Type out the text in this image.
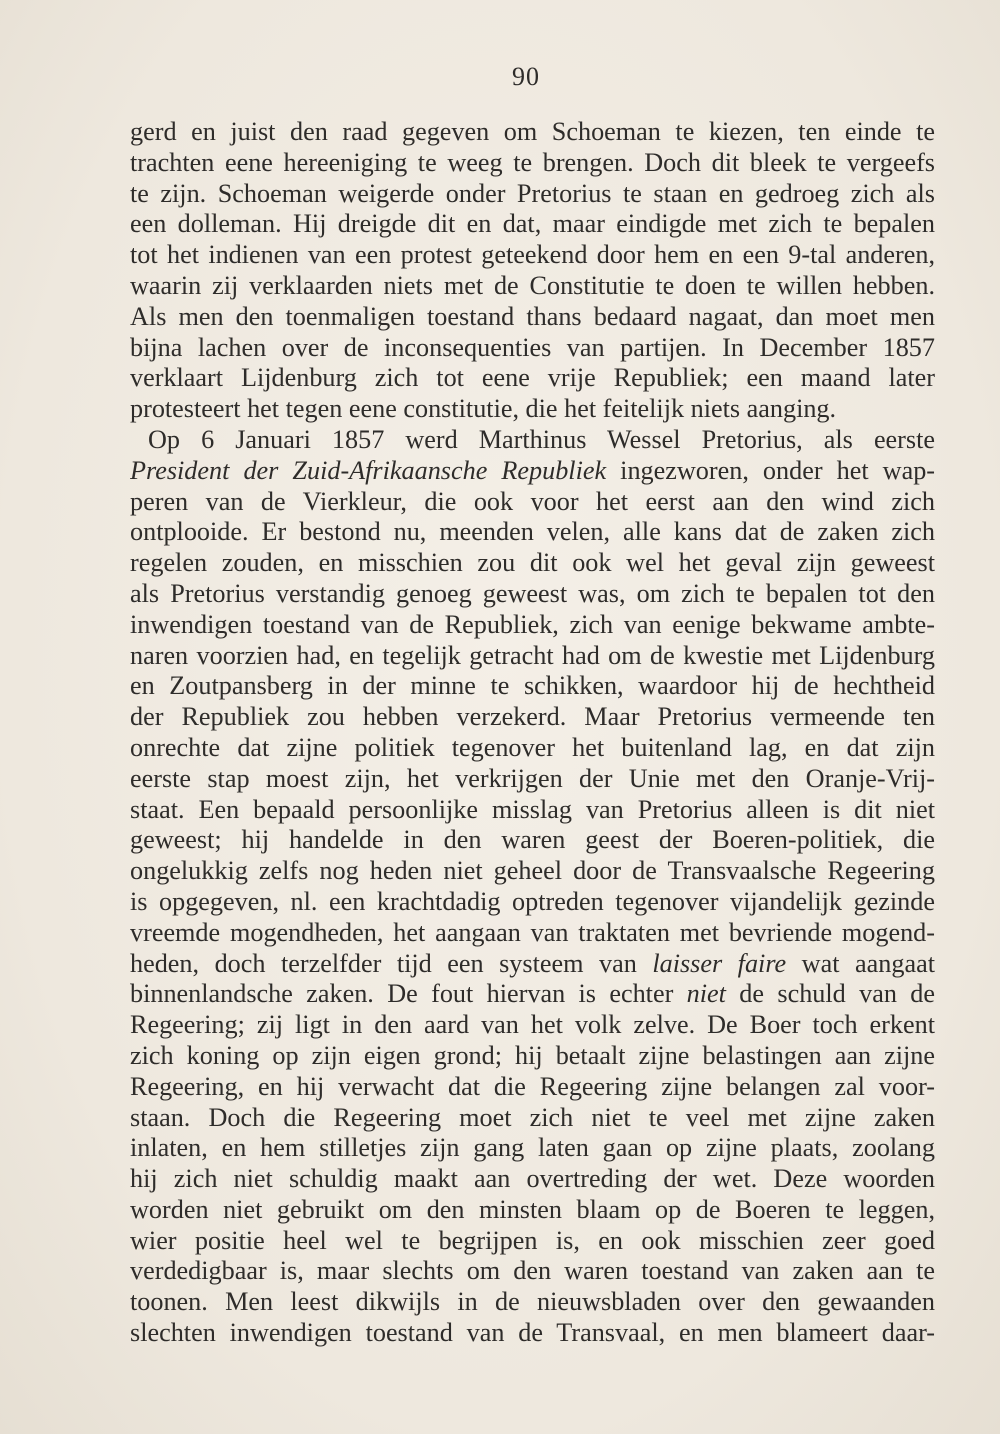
90
gerd en juist den raad gegeven om Schoeman te kiezen, ten einde te
trachten eene hereeniging te weeg te brengen. Doch dit bleek te vergeefs
te zijn. Schoeman weigerde onder Pretorius te staan en gedroeg zich als
een dolleman. Hij dreigde dit en dat, maar eindigde met zich te bepalen
tot het indienen van een protest geteekend door hem en een 9-tal anderen,
waarin zij verklaarden niets met de Constitutie te doen te willen hebben.
Als men den toenmaligen toestand thans bedaard nagaat, dan moet men
bijna lachen over de inconsequenties van partijen. In December 1857
verklaart Lijdenburg zich tot eene vrije Republiek; een maand later
protesteert het tegen eene constitutie, die het feitelijk niets aanging.
Op 6 Januari 1857 werd Marthinus Wessel Pretorius, als eerste
President der Zuid-Afrikaansche Republiek ingezworen, onder het wap-
peren van de Vierkleur, die ook voor het eerst aan den wind zich
ontplooide. Er bestond nu, meenden velen, alle kans dat de zaken zich
regelen zouden, en misschien zou dit ook wel het geval zijn geweest
als Pretorius verstandig genoeg geweest was, om zich te bepalen tot den
inwendigen toestand van de Republiek, zich van eenige bekwame ambte-
naren voorzien had, en tegelijk getracht had om de kwestie met Lijdenburg
en Zoutpansberg in der minne te schikken, waardoor hij de hechtheid
der Republiek zou hebben verzekerd. Maar Pretorius vermeende ten
onrechte dat zijne politiek tegenover het buitenland lag, en dat zijn
eerste stap moest zijn, het verkrijgen der Unie met den Oranje-Vrij-
staat. Een bepaald persoonlijke misslag van Pretorius alleen is dit niet
geweest; hij handelde in den waren geest der Boeren-politiek, die
ongelukkig zelfs nog heden niet geheel door de Transvaalsche Regeering
is opgegeven, nl. een krachtdadig optreden tegenover vijandelijk gezinde
vreemde mogendheden, het aangaan van traktaten met bevriende mogend-
heden, doch terzelfder tijd een systeem van laisser faire wat aangaat
binnenlandsche zaken. De fout hiervan is echter niet de schuld van de
Regeering; zij ligt in den aard van het volk zelve. De Boer toch erkent
zich koning op zijn eigen grond; hij betaalt zijne belastingen aan zijne
Regeering, en hij verwacht dat die Regeering zijne belangen zal voor-
staan. Doch die Regeering moet zich niet te veel met zijne zaken
inlaten, en hem stilletjes zijn gang laten gaan op zijne plaats, zoolang
hij zich niet schuldig maakt aan overtreding der wet. Deze woorden
worden niet gebruikt om den minsten blaam op de Boeren te leggen,
wier positie heel wel te begrijpen is, en ook misschien zeer goed
verdedigbaar is, maar slechts om den waren toestand van zaken aan te
toonen. Men leest dikwijls in de nieuwsbladen over den gewaanden
slechten inwendigen toestand van de Transvaal, en men blameert daar-
